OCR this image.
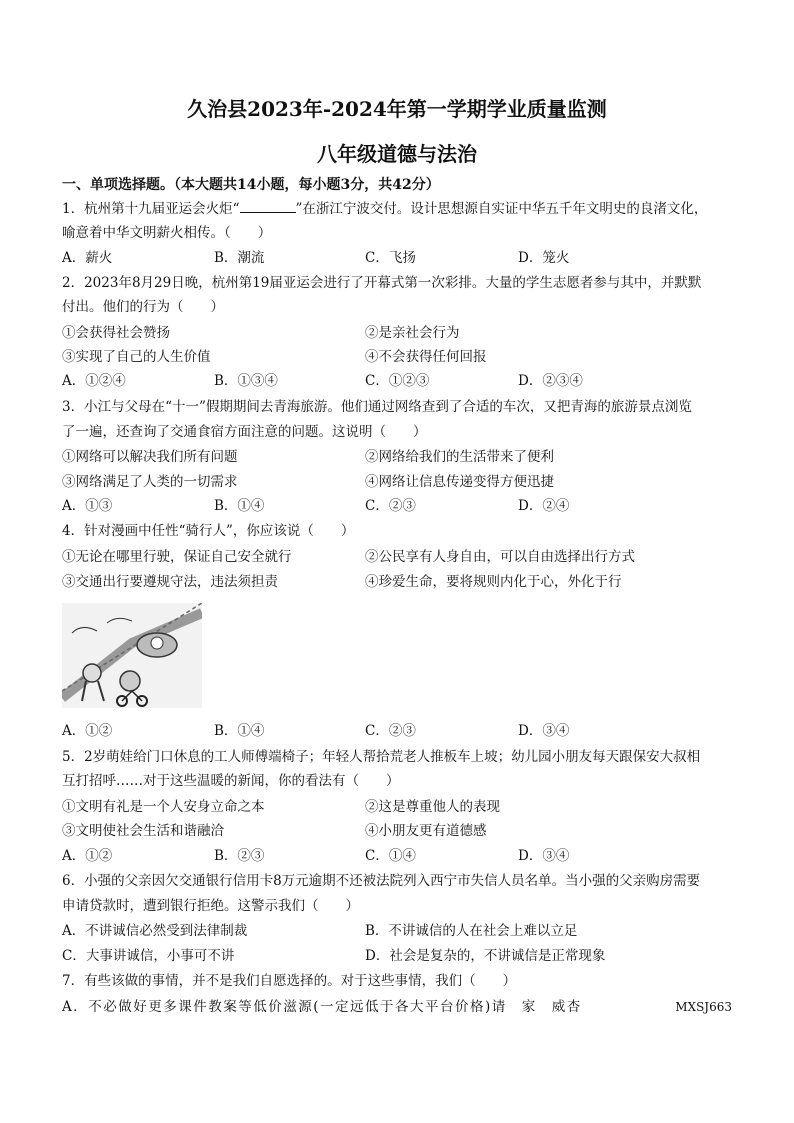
久治县2023年-2024年第一学期学业质量监测
八年级道德与法治
一、单项选择题。（本大题共14小题，每小题3分，共42分）
1．杭州第十九届亚运会火炬“	”在浙江宁波交付。设计思想源自实证中华五千年文明史的良渚文化，
喻意着中华文明薪火相传。（　　）
A．薪火	B．潮流	C．飞扬	D．笼火
2．2023年8月29日晚，杭州第19届亚运会进行了开幕式第一次彩排。大量的学生志愿者参与其中，并默默
付出。他们的行为（　　）
①会获得社会赞扬	②是亲社会行为
③实现了自己的人生价值	④不会获得任何回报
A．①②④	B．①③④	C．①②③	D．②③④
3．小江与父母在“十一”假期期间去青海旅游。他们通过网络查到了合适的车次，又把青海的旅游景点浏览
了一遍，还查询了交通食宿方面注意的问题。这说明（　　）
①网络可以解决我们所有问题	②网络给我们的生活带来了便利
③网络满足了人类的一切需求	④网络让信息传递变得方便迅捷
A．①③	B．①④	C．②③	D．②④
4．针对漫画中任性“骑行人”，你应该说（　　）
①无论在哪里行驶，保证自己安全就行	②公民享有人身自由，可以自由选择出行方式
③交通出行要遵规守法，违法须担责	④珍爱生命，要将规则内化于心，外化于行
A．①②	B．①④	C．②③	D．③④
5．2岁萌娃给门口休息的工人师傅端椅子；年轻人帮拾荒老人推板车上坡；幼儿园小朋友每天跟保安大叔相
互打招呼……对于这些温暖的新闻，你的看法有（　　）
①文明有礼是一个人安身立命之本	②这是尊重他人的表现
③文明使社会生活和谐融洽	④小朋友更有道德感
A．①②	B．②③	C．①④	D．③④
6．小强的父亲因欠交通银行信用卡8万元逾期不还被法院列入西宁市失信人员名单。当小强的父亲购房需要
申请贷款时，遭到银行拒绝。这警示我们（　　）
A．不讲诚信必然受到法律制裁	B．不讲诚信的人在社会上难以立足
C．大事讲诚信，小事可不讲	D．社会是复杂的，不讲诚信是正常现象
7．有些该做的事情，并不是我们自愿选择的。对于这些事情，我们（　　）
A．不必做好更多课件教案等低价滋源(一定远低于各大平台价格)请　家　威杏	MXSJ663
